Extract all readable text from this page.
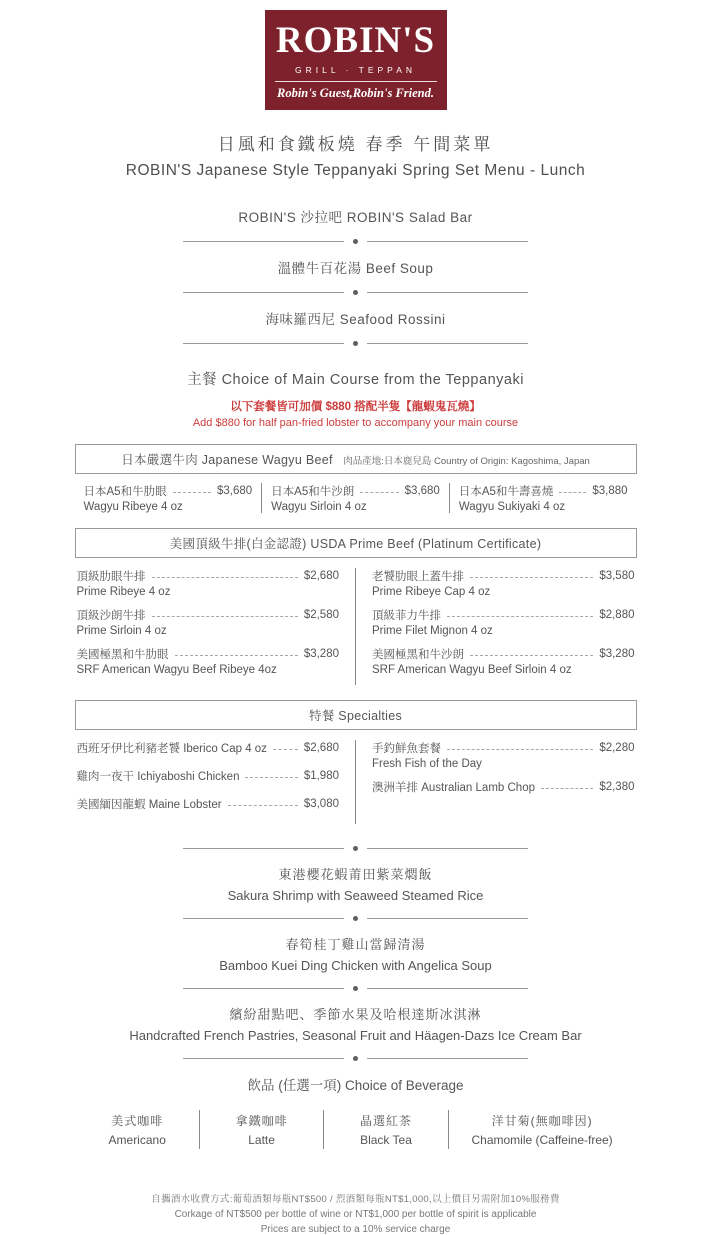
ROBIN'S
GRILL · TEPPAN
Robin's Guest,Robin's Friend.
日風和食鐵板燒 春季 午間菜單
ROBIN'S Japanese Style Teppanyaki Spring Set Menu - Lunch
ROBIN'S 沙拉吧 ROBIN'S Salad Bar
溫體牛百花湯 Beef Soup
海味羅西尼 Seafood Rossini
主餐 Choice of Main Course from the Teppanyaki
以下套餐皆可加價 $880 搭配半隻【龍蝦鬼瓦燒】
Add $880 for half pan-fried lobster to accompany your main course
日本嚴選牛肉 Japanese Wagyu Beef 肉品產地:日本鹿兒島 Country of Origin: Kagoshima, Japan
日本A5和牛肋眼	$3,680
Wagyu Ribeye 4 oz
日本A5和牛沙朗	$3,680
Wagyu Sirloin 4 oz
日本A5和牛壽喜燒	$3,880
Wagyu Sukiyaki 4 oz
美國頂級牛排(白金認證) USDA Prime Beef (Platinum Certificate)
頂級肋眼牛排	$2,680
Prime Ribeye 4 oz
頂級沙朗牛排	$2,580
Prime Sirloin 4 oz
美國極黑和牛肋眼	$3,280
SRF American Wagyu Beef Ribeye 4oz
老饕肋眼上蓋牛排	$3,580
Prime Ribeye Cap 4 oz
頂級菲力牛排	$2,880
Prime Filet Mignon 4 oz
美國極黑和牛沙朗	$3,280
SRF American Wagyu Beef Sirloin 4 oz
特餐 Specialties
西班牙伊比利豬老饕 Iberico Cap 4 oz	$2,680
雞肉一夜干 Ichiyaboshi Chicken	$1,980
美國緬因龍蝦 Maine Lobster	$3,080
手釣鮮魚套餐	$2,280
Fresh Fish of the Day
澳洲羊排 Australian Lamb Chop	$2,380
東港櫻花蝦莆田紫菜燜飯
Sakura Shrimp with Seaweed Steamed Rice
春筍桂丁雞山當歸清湯
Bamboo Kuei Ding Chicken with Angelica Soup
繽紛甜點吧、季節水果及哈根達斯冰淇淋
Handcrafted French Pastries, Seasonal Fruit and Häagen-Dazs Ice Cream Bar
飲品 (任選一項) Choice of Beverage
美式咖啡
Americano
拿鐵咖啡
Latte
晶選紅茶
Black Tea
洋甘菊(無咖啡因)
Chamomile (Caffeine-free)
自攜酒水收費方式:葡萄酒類每瓶NT$500 / 烈酒類每瓶NT$1,000,以上價目另需附加10%服務費
Corkage of NT$500 per bottle of wine or NT$1,000 per bottle of spirit is applicable
Prices are subject to a 10% service charge
